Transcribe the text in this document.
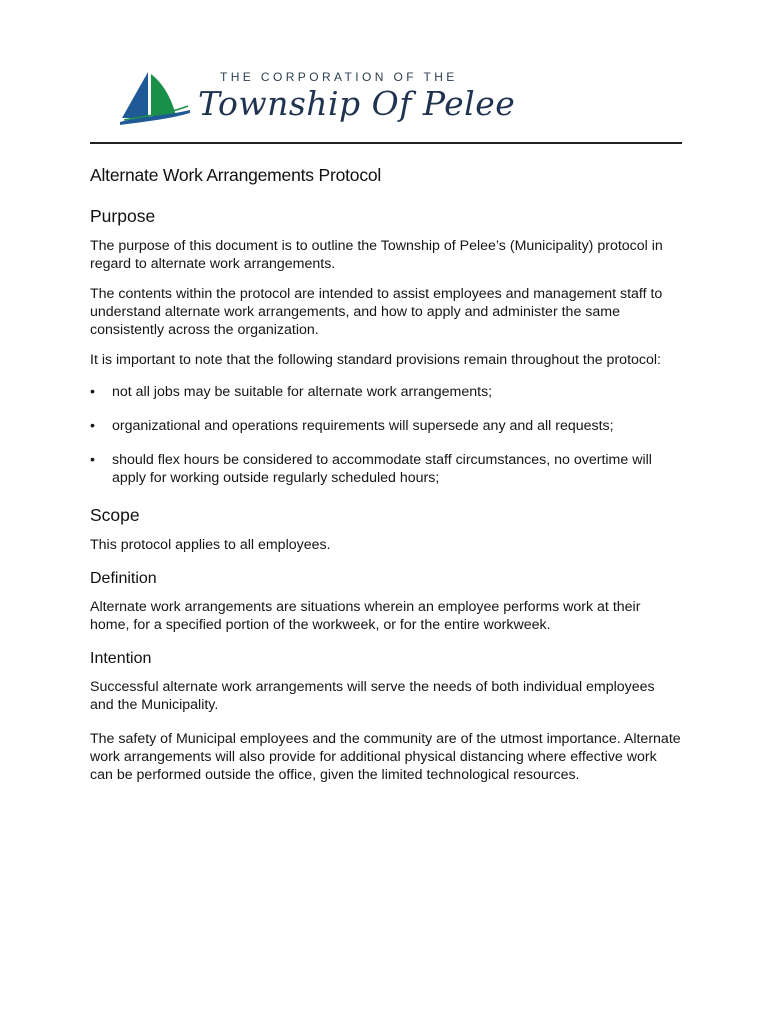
THE CORPORATION OF THE
Township Of Pelee
Alternate Work Arrangements Protocol
Purpose

The purpose of this document is to outline the Township of Pelee’s (Municipality) protocol in regard to alternate work arrangements.

The contents within the protocol are intended to assist employees and management staff to understand alternate work arrangements, and how to apply and administer the same consistently across the organization.

It is important to note that the following standard provisions remain throughout the protocol:

• not all jobs may be suitable for alternate work arrangements;
• organizational and operations requirements will supersede any and all requests;
• should flex hours be considered to accommodate staff circumstances, no overtime will apply for working outside regularly scheduled hours;
Scope

This protocol applies to all employees.

Definition

Alternate work arrangements are situations wherein an employee performs work at their home, for a specified portion of the workweek, or for the entire workweek.

Intention

Successful alternate work arrangements will serve the needs of both individual employees and the Municipality.

The safety of Municipal employees and the community are of the utmost importance. Alternate work arrangements will also provide for additional physical distancing where effective work can be performed outside the office, given the limited technological resources.
